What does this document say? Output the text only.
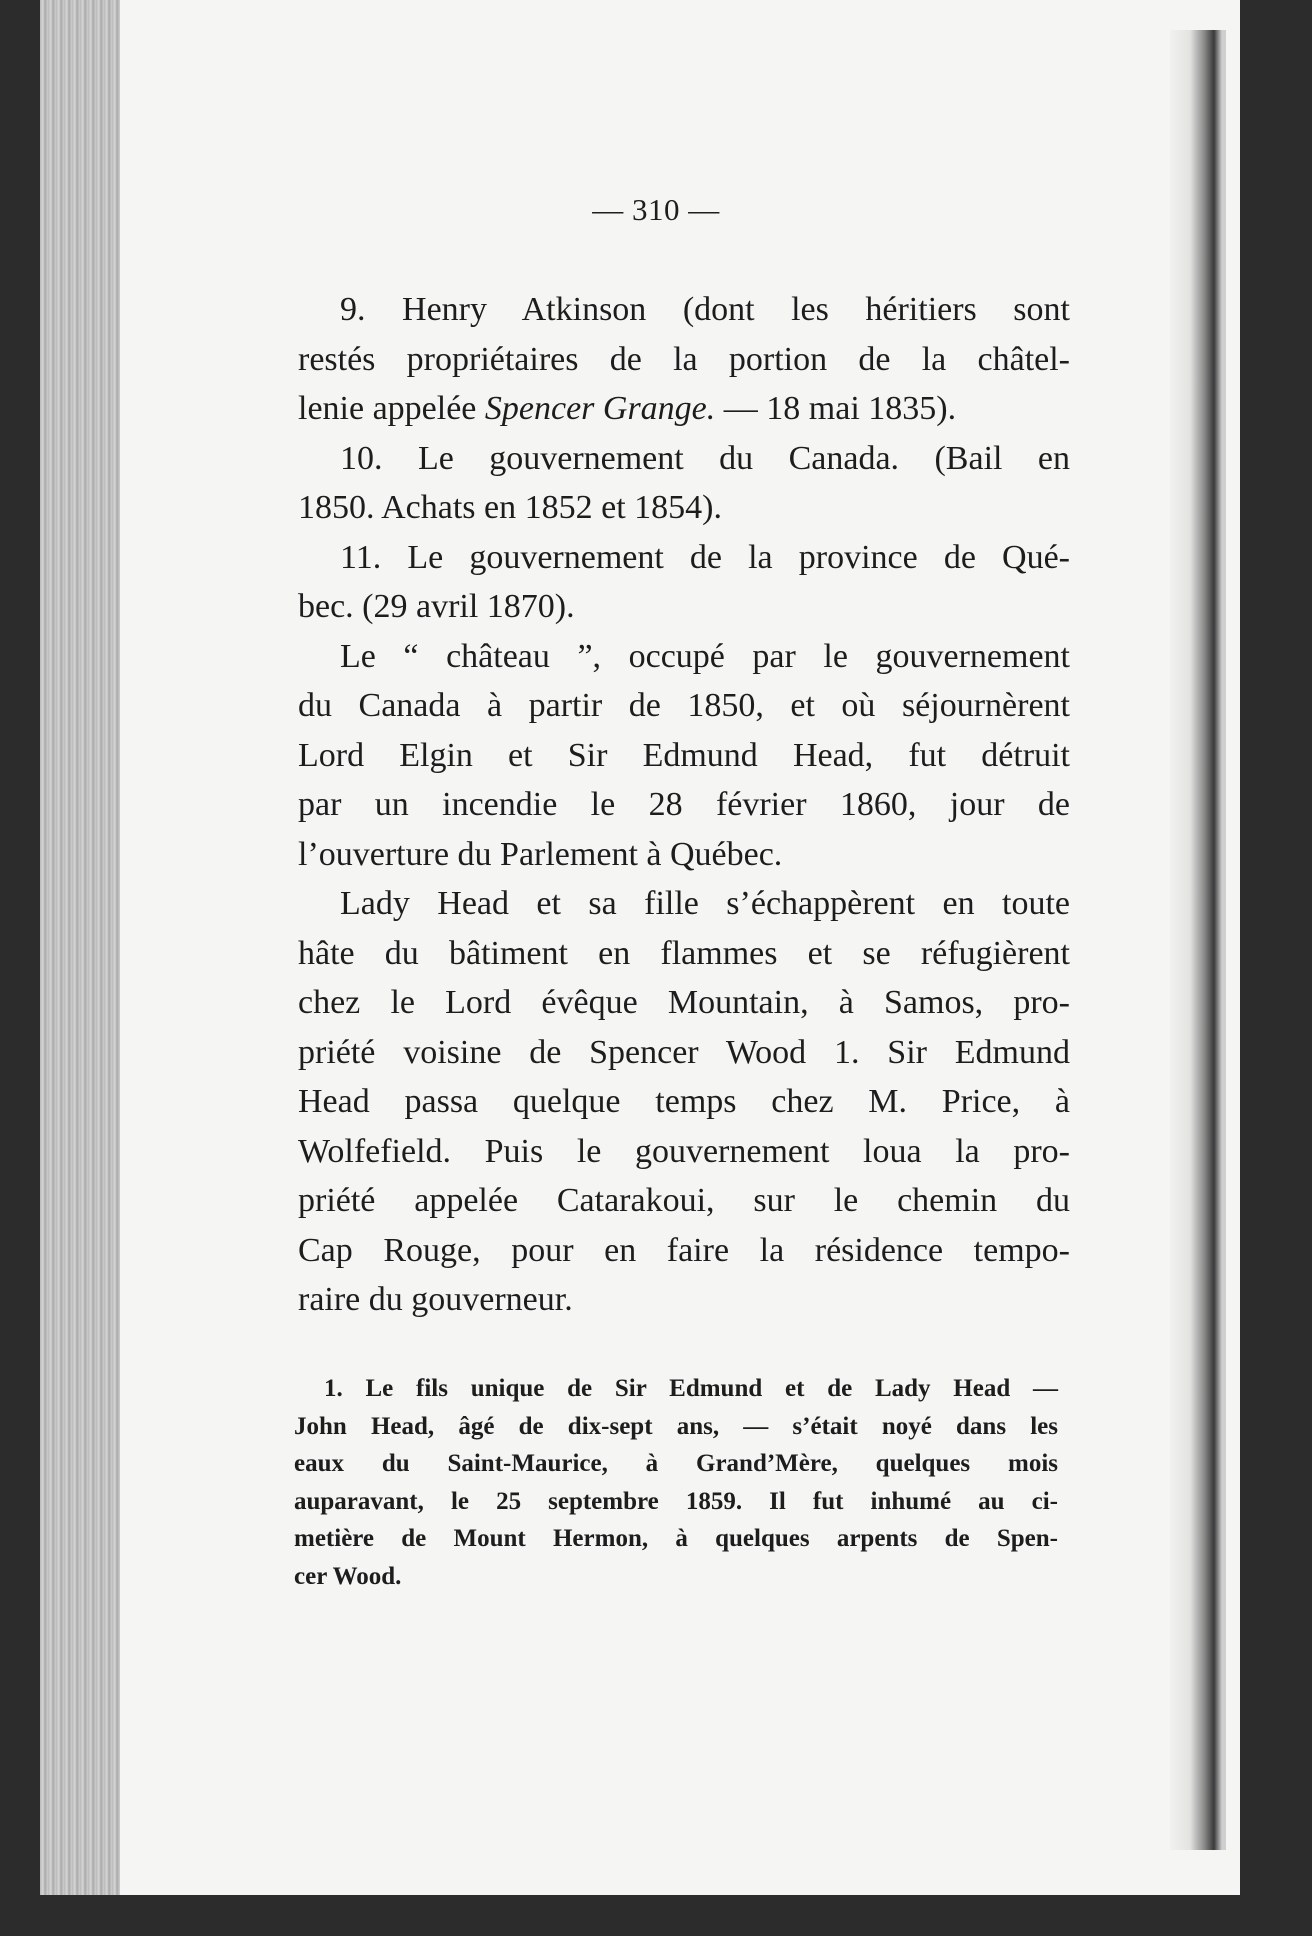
— 310 —

9. Henry Atkinson (dont les héritiers sont
restés propriétaires de la portion de la châtel-
lenie appelée Spencer Grange. — 18 mai 1835).

10. Le gouvernement du Canada. (Bail en
1850. Achats en 1852 et 1854).

11. Le gouvernement de la province de Qué-
bec. (29 avril 1870).

Le “ château ”, occupé par le gouvernement
du Canada à partir de 1850, et où séjournèrent
Lord Elgin et Sir Edmund Head, fut détruit
par un incendie le 28 février 1860, jour de
l’ouverture du Parlement à Québec.

Lady Head et sa fille s’échappèrent en toute
hâte du bâtiment en flammes et se réfugièrent
chez le Lord évêque Mountain, à Samos, pro-
priété voisine de Spencer Wood 1. Sir Edmund
Head passa quelque temps chez M. Price, à
Wolfefield. Puis le gouvernement loua la pro-
priété appelée Catarakoui, sur le chemin du
Cap Rouge, pour en faire la résidence tempo-
raire du gouverneur.

1. Le fils unique de Sir Edmund et de Lady Head —
John Head, âgé de dix-sept ans, — s’était noyé dans les
eaux du Saint-Maurice, à Grand’Mère, quelques mois
auparavant, le 25 septembre 1859. Il fut inhumé au ci-
metière de Mount Hermon, à quelques arpents de Spen-
cer Wood.
